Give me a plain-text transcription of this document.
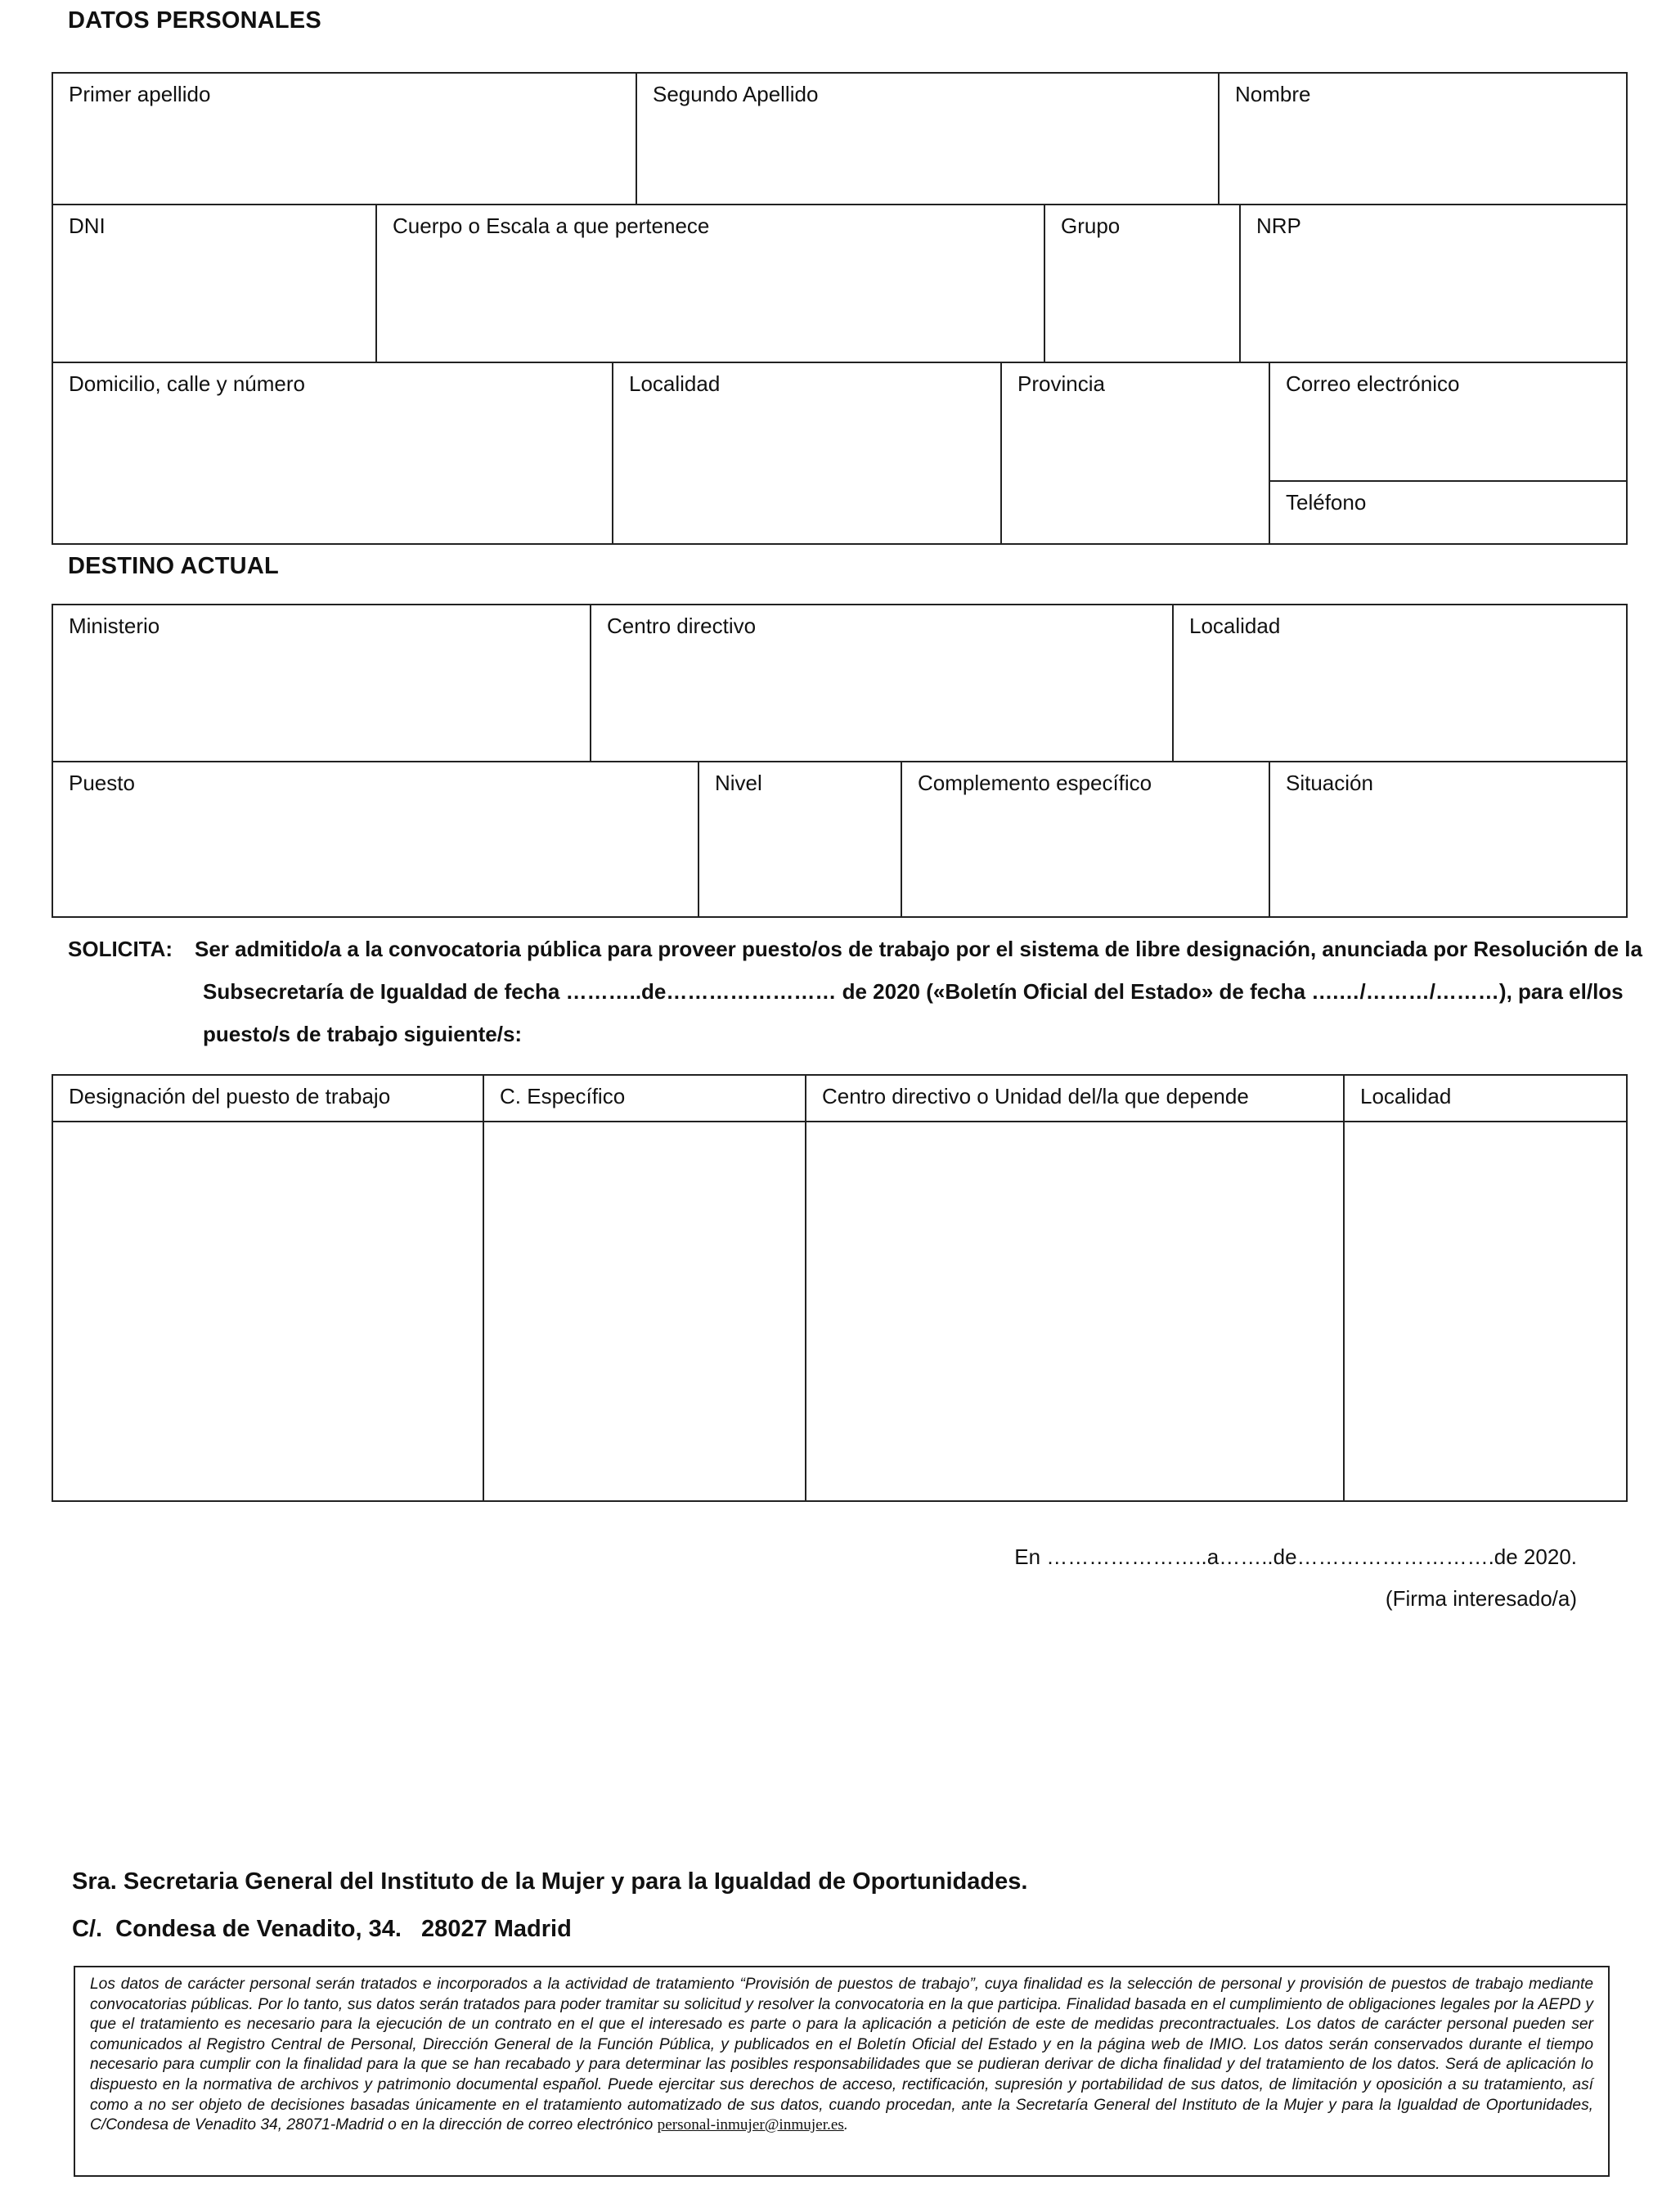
DATOS PERSONALES
Primer apellido	Segundo Apellido	Nombre
DNI	Cuerpo o Escala a que pertenece	Grupo	NRP
Domicilio, calle y número	Localidad	Provincia	Correo electrónico
Teléfono
DESTINO ACTUAL
Ministerio	Centro directivo	Localidad
Puesto	Nivel	Complemento específico	Situación
SOLICITA: Ser admitido/a a la convocatoria pública para proveer puesto/os de trabajo por el sistema de libre designación, anunciada por Resolución de la
Subsecretaría de Igualdad de fecha ………..de…………………… de 2020 («Boletín Oficial del Estado» de fecha ….…/………/………), para el/los
puesto/s de trabajo siguiente/s:
Designación del puesto de trabajo	C. Específico	Centro directivo o Unidad del/la que depende	Localidad
En …………………..a……..de……………………….de 2020.
(Firma interesado/a)
Sra. Secretaria General del Instituto de la Mujer y para la Igualdad de Oportunidades.
C/.  Condesa de Venadito, 34.   28027 Madrid
Los datos de carácter personal serán tratados e incorporados a la actividad de tratamiento “Provisión de puestos de trabajo”, cuya finalidad es la selección de personal y provisión de puestos de trabajo mediante convocatorias públicas. Por lo tanto, sus datos serán tratados para poder tramitar su solicitud y resolver la convocatoria en la que participa. Finalidad basada en el cumplimiento de obligaciones legales por la AEPD y que el tratamiento es necesario para la ejecución de un contrato en el que el interesado es parte o para la aplicación a petición de este de medidas precontractuales. Los datos de carácter personal pueden ser comunicados al Registro Central de Personal, Dirección General de la Función Pública, y publicados en el Boletín Oficial del Estado y en la página web de IMIO. Los datos serán conservados durante el tiempo necesario para cumplir con la finalidad para la que se han recabado y para determinar las posibles responsabilidades que se pudieran derivar de dicha finalidad y del tratamiento de los datos. Será de aplicación lo dispuesto en la normativa de archivos y patrimonio documental español. Puede ejercitar sus derechos de acceso, rectificación, supresión y portabilidad de sus datos, de limitación y oposición a su tratamiento, así como a no ser objeto de decisiones basadas únicamente en el tratamiento automatizado de sus datos, cuando procedan, ante la Secretaría General del Instituto de la Mujer y para la Igualdad de Oportunidades, C/Condesa de Venadito 34, 28071-Madrid o en la dirección de correo electrónico personal-inmujer@inmujer.es.
